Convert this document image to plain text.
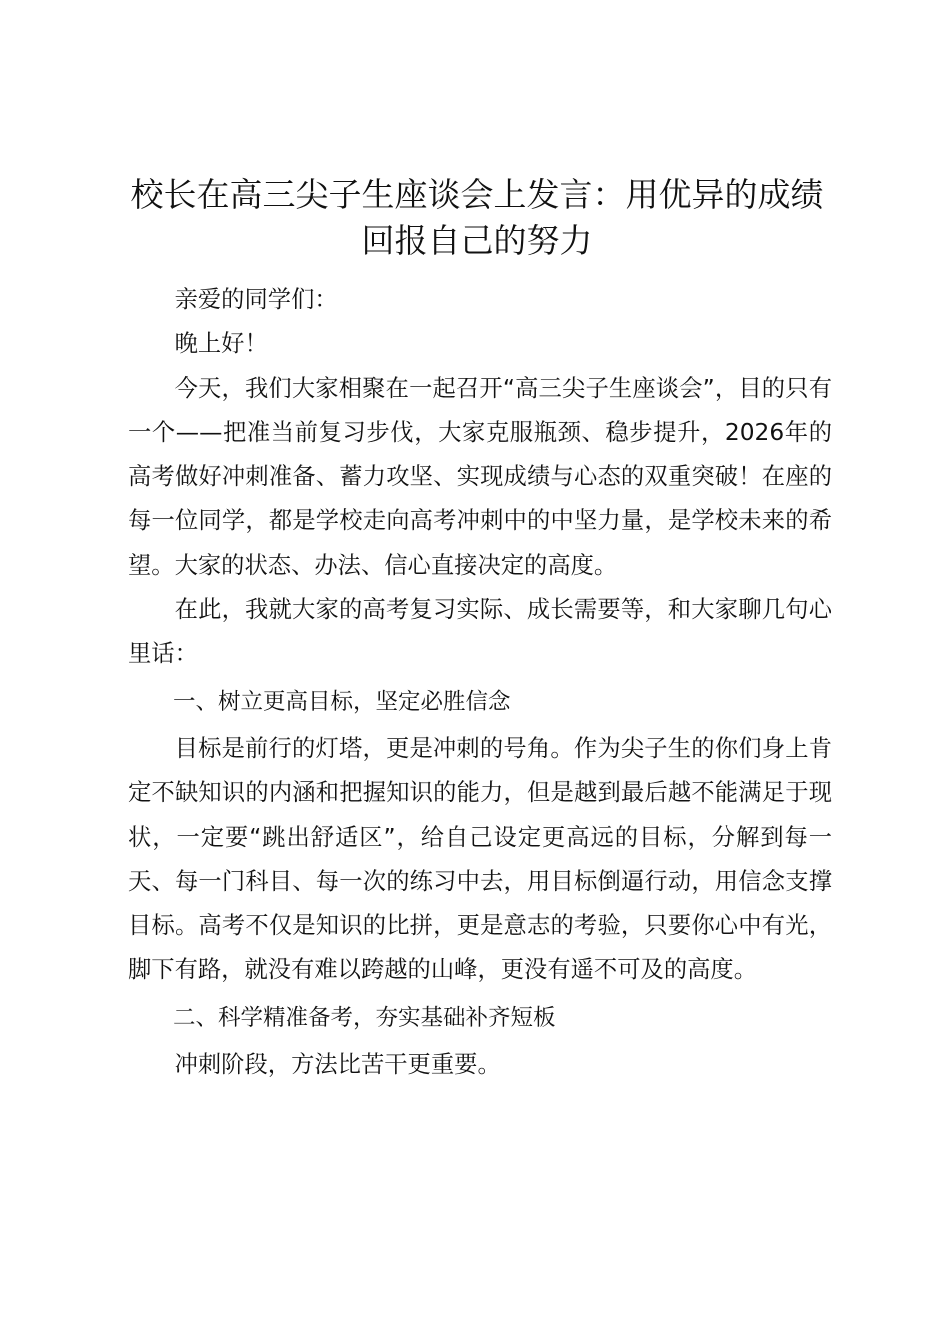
校长在高三尖子生座谈会上发言：用优异的成绩回报自己的努力

亲爱的同学们：

晚上好！

今天，我们大家相聚在一起召开“高三尖子生座谈会”，目的只有一个——把准当前复习步伐，大家克服瓶颈、稳步提升，2026年的高考做好冲刺准备、蓄力攻坚、实现成绩与心态的双重突破！在座的每一位同学，都是学校走向高考冲刺中的中坚力量，是学校未来的希望。大家的状态、办法、信心直接决定的高度。

在此，我就大家的高考复习实际、成长需要等，和大家聊几句心里话：

一、树立更高目标，坚定必胜信念

目标是前行的灯塔，更是冲刺的号角。作为尖子生的你们身上肯定不缺知识的内涵和把握知识的能力，但是越到最后越不能满足于现状，一定要“跳出舒适区”，给自己设定更高远的目标，分解到每一天、每一门科目、每一次的练习中去，用目标倒逼行动，用信念支撑目标。高考不仅是知识的比拼，更是意志的考验，只要你心中有光，脚下有路，就没有难以跨越的山峰，更没有遥不可及的高度。

二、科学精准备考，夯实基础补齐短板

冲刺阶段，方法比苦干更重要。
